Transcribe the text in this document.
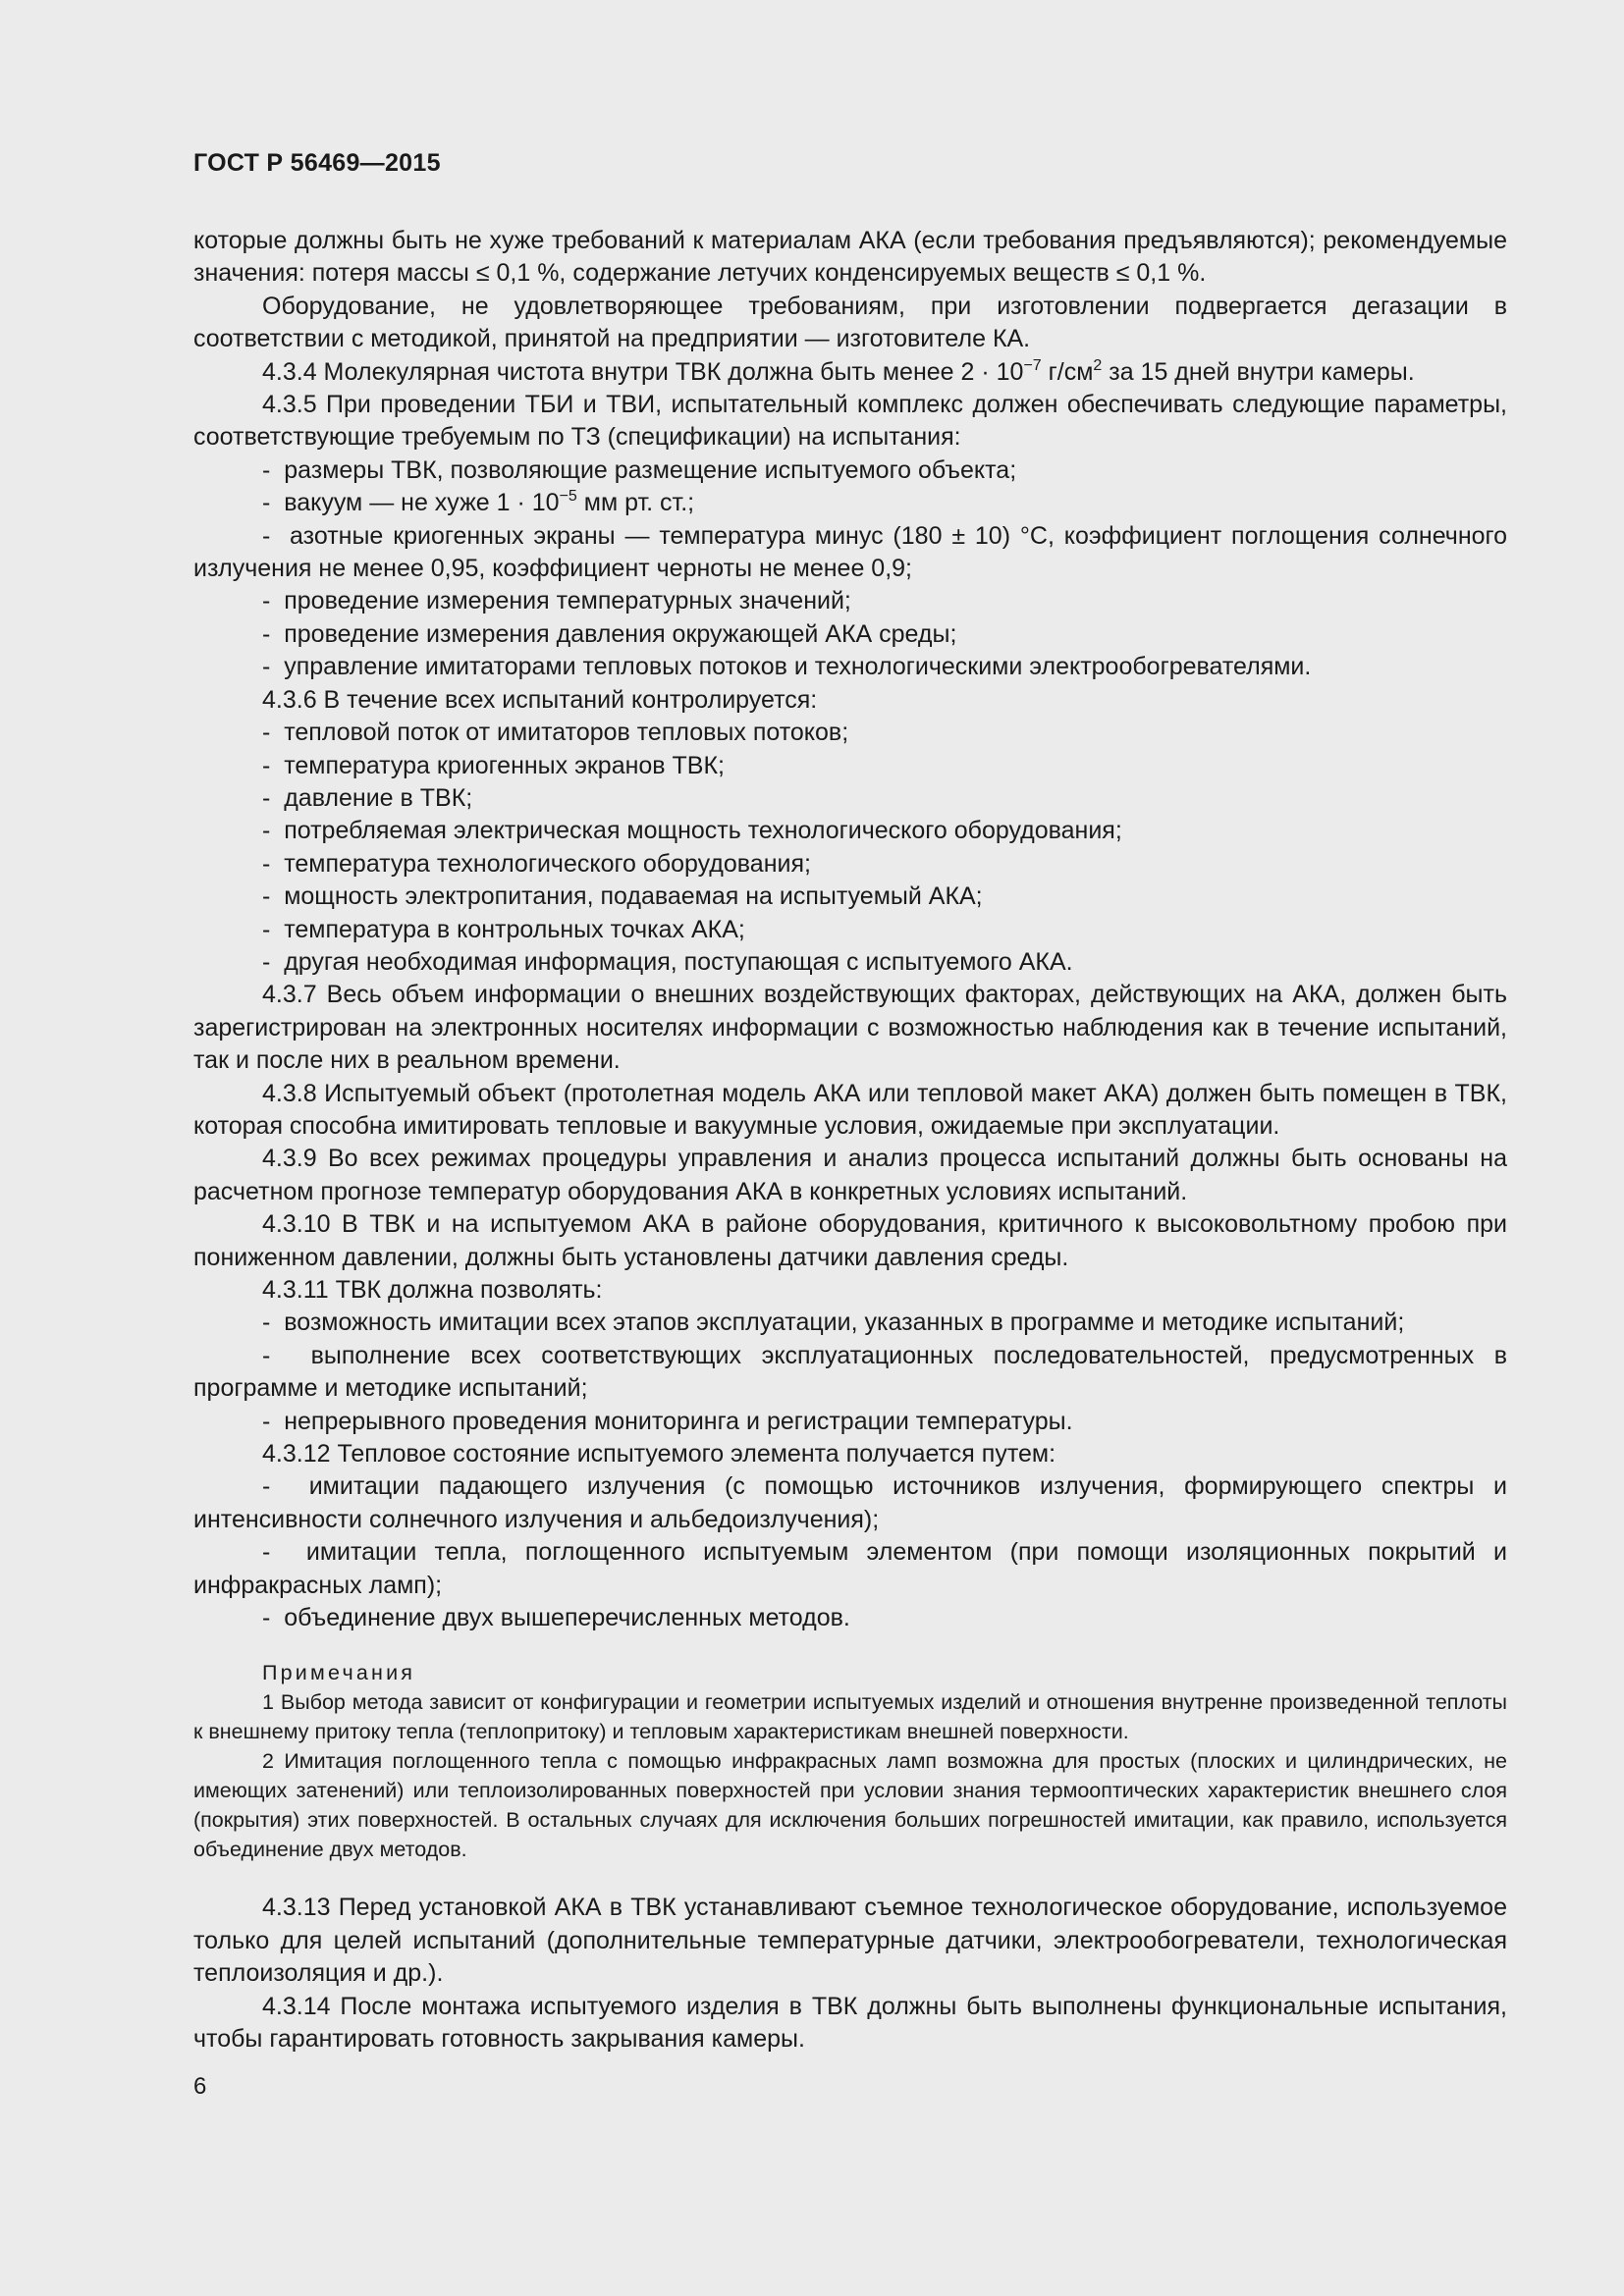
ГОСТ Р 56469—2015

которые должны быть не хуже требований к материалам АКА (если требования предъявляются); рекомендуемые значения: потеря массы ≤ 0,1 %, содержание летучих конденсируемых веществ ≤ 0,1 %.

Оборудование, не удовлетворяющее требованиям, при изготовлении подвергается дегазации в соответствии с методикой, принятой на предприятии — изготовителе КА.

4.3.4 Молекулярная чистота внутри ТВК должна быть менее $2 \cdot 10^{-7}$ $г/см^2$ за 15 дней внутри камеры.

4.3.5 При проведении ТБИ и ТВИ, испытательный комплекс должен обеспечивать следующие параметры, соответствующие требуемым по ТЗ (спецификации) на испытания:

-  размеры ТВК, позволяющие размещение испытуемого объекта;

-  вакуум — не хуже $1 \cdot 10^{-5}$ мм рт. ст.;

-  азотные криогенных экраны — температура минус (180 ± 10) °С, коэффициент поглощения солнечного излучения не менее 0,95, коэффициент черноты не менее 0,9;

-  проведение измерения температурных значений;

-  проведение измерения давления окружающей АКА среды;

-  управление имитаторами тепловых потоков и технологическими электрообогревателями.

4.3.6 В течение всех испытаний контролируется:

-  тепловой поток от имитаторов тепловых потоков;

-  температура криогенных экранов ТВК;

-  давление в ТВК;

-  потребляемая электрическая мощность технологического оборудования;

-  температура технологического оборудования;

-  мощность электропитания, подаваемая на испытуемый АКА;

-  температура в контрольных точках АКА;

-  другая необходимая информация, поступающая с испытуемого АКА.

4.3.7 Весь объем информации о внешних воздействующих факторах, действующих на АКА, должен быть зарегистрирован на электронных носителях информации с возможностью наблюдения как в течение испытаний, так и после них в реальном времени.

4.3.8 Испытуемый объект (протолетная модель АКА или тепловой макет АКА) должен быть помещен в ТВК, которая способна имитировать тепловые и вакуумные условия, ожидаемые при эксплуатации.

4.3.9 Во всех режимах процедуры управления и анализ процесса испытаний должны быть основаны на расчетном прогнозе температур оборудования АКА в конкретных условиях испытаний.

4.3.10 В ТВК и на испытуемом АКА в районе оборудования, критичного к высоковольтному пробою при пониженном давлении, должны быть установлены датчики давления среды.

4.3.11 ТВК должна позволять:

-  возможность имитации всех этапов эксплуатации, указанных в программе и методике испытаний;

-  выполнение всех соответствующих эксплуатационных последовательностей, предусмотренных в программе и методике испытаний;

-  непрерывного проведения мониторинга и регистрации температуры.

4.3.12 Тепловое состояние испытуемого элемента получается путем:

-  имитации падающего излучения (с помощью источников излучения, формирующего спектры и интенсивности солнечного излучения и альбедоизлучения);

-  имитации тепла, поглощенного испытуемым элементом (при помощи изоляционных покрытий и инфракрасных ламп);

-  объединение двух вышеперечисленных методов.

Примечания

1 Выбор метода зависит от конфигурации и геометрии испытуемых изделий и отношения внутренне произведенной теплоты к внешнему притоку тепла (теплопритоку) и тепловым характеристикам внешней поверхности.

2 Имитация поглощенного тепла с помощью инфракрасных ламп возможна для простых (плоских и цилиндрических, не имеющих затенений) или теплоизолированных поверхностей при условии знания термооптических характеристик внешнего слоя (покрытия) этих поверхностей. В остальных случаях для исключения больших погрешностей имитации, как правило, используется объединение двух методов.

4.3.13 Перед установкой АКА в ТВК устанавливают съемное технологическое оборудование, используемое только для целей испытаний (дополнительные температурные датчики, электрообогреватели, технологическая теплоизоляция и др.).

4.3.14 После монтажа испытуемого изделия в ТВК должны быть выполнены функциональные испытания, чтобы гарантировать готовность закрывания камеры.

6
